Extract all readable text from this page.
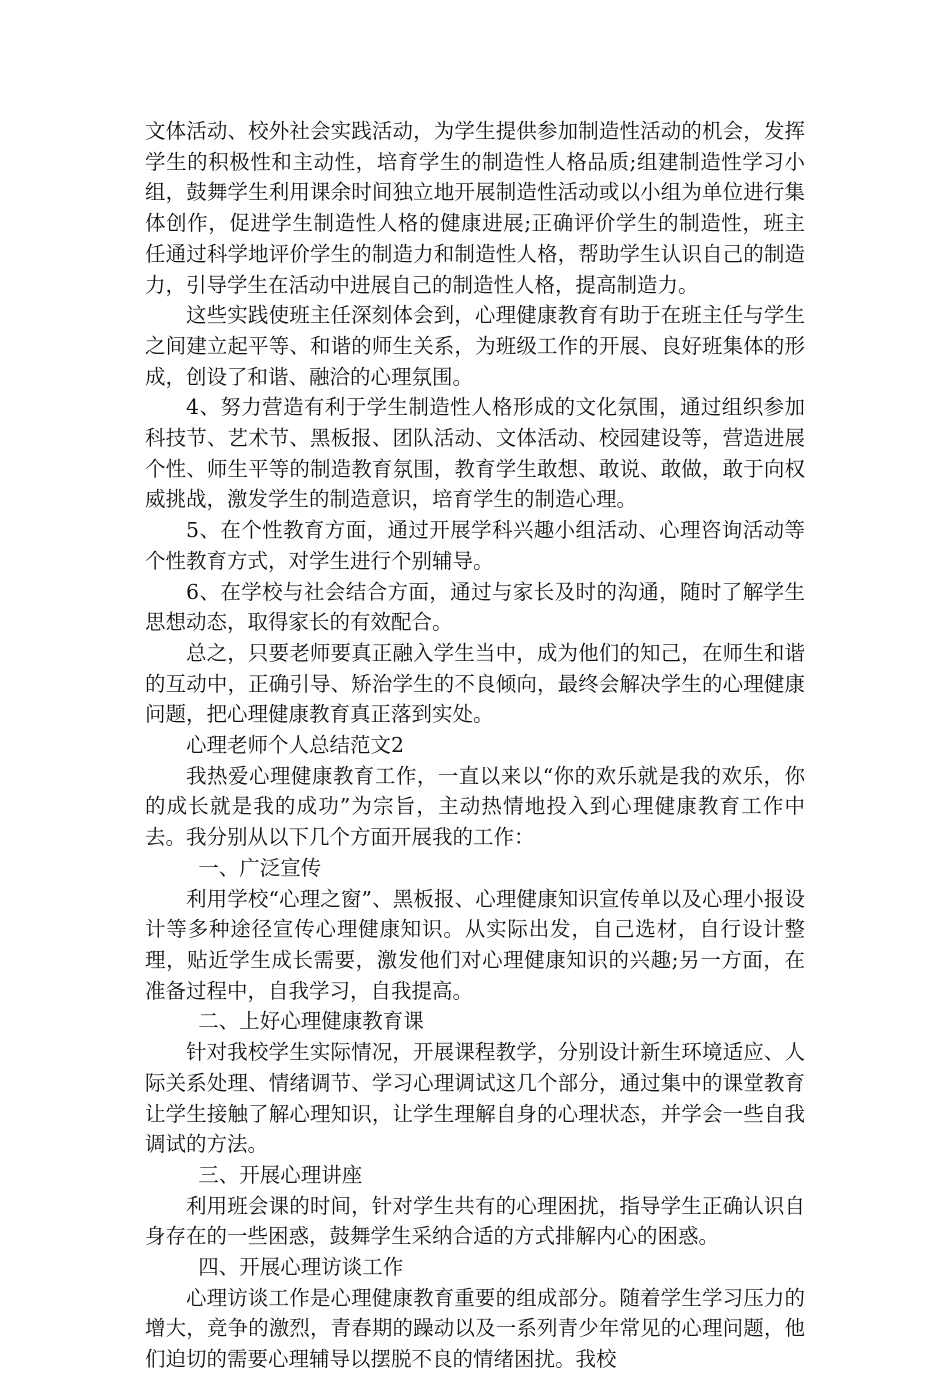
文体活动、校外社会实践活动，为学生提供参加制造性活动的机会，发挥学生的积极性和主动性，培育学生的制造性人格品质;组建制造性学习小组，鼓舞学生利用课余时间独立地开展制造性活动或以小组为单位进行集体创作，促进学生制造性人格的健康进展;正确评价学生的制造性，班主任通过科学地评价学生的制造力和制造性人格，帮助学生认识自己的制造力，引导学生在活动中进展自己的制造性人格，提高制造力。

这些实践使班主任深刻体会到，心理健康教育有助于在班主任与学生之间建立起平等、和谐的师生关系，为班级工作的开展、良好班集体的形成，创设了和谐、融洽的心理氛围。

4、努力营造有利于学生制造性人格形成的文化氛围，通过组织参加科技节、艺术节、黑板报、团队活动、文体活动、校园建设等，营造进展个性、师生平等的制造教育氛围，教育学生敢想、敢说、敢做，敢于向权威挑战，激发学生的制造意识，培育学生的制造心理。

5、在个性教育方面，通过开展学科兴趣小组活动、心理咨询活动等个性教育方式，对学生进行个别辅导。

6、在学校与社会结合方面，通过与家长及时的沟通，随时了解学生思想动态，取得家长的有效配合。

总之，只要老师要真正融入学生当中，成为他们的知己，在师生和谐的互动中，正确引导、矫治学生的不良倾向，最终会解决学生的心理健康问题，把心理健康教育真正落到实处。

心理老师个人总结范文2

我热爱心理健康教育工作，一直以来以“你的欢乐就是我的欢乐，你的成长就是我的成功”为宗旨，主动热情地投入到心理健康教育工作中去。我分别从以下几个方面开展我的工作：

一、广泛宣传

利用学校“心理之窗”、黑板报、心理健康知识宣传单以及心理小报设计等多种途径宣传心理健康知识。从实际出发，自己选材，自行设计整理，贴近学生成长需要，激发他们对心理健康知识的兴趣;另一方面，在准备过程中，自我学习，自我提高。

二、上好心理健康教育课

针对我校学生实际情况，开展课程教学，分别设计新生环境适应、人际关系处理、情绪调节、学习心理调试这几个部分，通过集中的课堂教育让学生接触了解心理知识，让学生理解自身的心理状态，并学会一些自我调试的方法。

三、开展心理讲座

利用班会课的时间，针对学生共有的心理困扰，指导学生正确认识自身存在的一些困惑，鼓舞学生采纳合适的方式排解内心的困惑。

四、开展心理访谈工作

心理访谈工作是心理健康教育重要的组成部分。随着学生学习压力的增大，竞争的激烈，青春期的躁动以及一系列青少年常见的心理问题，他们迫切的需要心理辅导以摆脱不良的情绪困扰。我校
